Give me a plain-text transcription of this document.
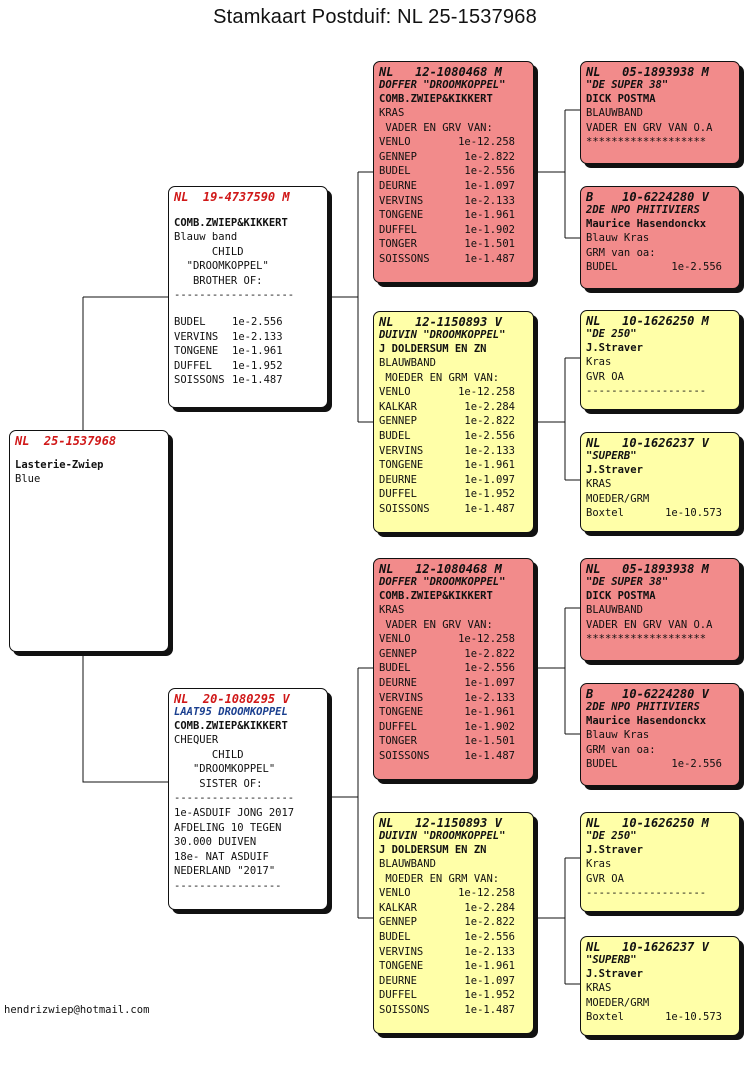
Stamkaart Postduif: NL 25-1537968
NL  25-1537968
Lasterie-Zwiep
Blue
NL  19-4737590 M
COMB.ZWIEP&KIKKERT
Blauw band
CHILD
"DROOMKOPPEL"
BROTHER OF:
-------------------
BUDEL	1e-2.556
VERVINS	1e-2.133
TONGENE	1e-1.961
DUFFEL	1e-1.952
SOISSONS 1e-1.487
NL  20-1080295 V
LAAT95 DROOMKOPPEL
COMB.ZWIEP&KIKKERT
CHEQUER
CHILD
"DROOMKOPPEL"
SISTER OF:
-------------------
1e-ASDUIF JONG 2017
AFDELING 10 TEGEN
30.000 DUIVEN
18e- NAT ASDUIF
NEDERLAND "2017"
-----------------
NL   12-1080468 M
DOFFER "DROOMKOPPEL"
COMB.ZWIEP&KIKKERT
KRAS
VADER EN GRV VAN:
VENLO	1e-12.258
GENNEP	1e-2.822
BUDEL	1e-2.556
DEURNE	1e-1.097
VERVINS	1e-2.133
TONGENE	1e-1.961
DUFFEL	1e-1.902
TONGER	1e-1.501
SOISSONS	1e-1.487
NL   12-1150893 V
DUIVIN "DROOMKOPPEL"
J DOLDERSUM EN ZN
BLAUWBAND
MOEDER EN GRM VAN:
VENLO	1e-12.258
KALKAR	1e-2.284
GENNEP	1e-2.822
BUDEL	1e-2.556
VERVINS	1e-2.133
TONGENE	1e-1.961
DEURNE	1e-1.097
DUFFEL	1e-1.952
SOISSONS	1e-1.487
NL   12-1080468 M
DOFFER "DROOMKOPPEL"
COMB.ZWIEP&KIKKERT
KRAS
VADER EN GRV VAN:
VENLO	1e-12.258
GENNEP	1e-2.822
BUDEL	1e-2.556
DEURNE	1e-1.097
VERVINS	1e-2.133
TONGENE	1e-1.961
DUFFEL	1e-1.902
TONGER	1e-1.501
SOISSONS	1e-1.487
NL   12-1150893 V
DUIVIN "DROOMKOPPEL"
J DOLDERSUM EN ZN
BLAUWBAND
MOEDER EN GRM VAN:
VENLO	1e-12.258
KALKAR	1e-2.284
GENNEP	1e-2.822
BUDEL	1e-2.556
VERVINS	1e-2.133
TONGENE	1e-1.961
DEURNE	1e-1.097
DUFFEL	1e-1.952
SOISSONS	1e-1.487
NL   05-1893938 M
"DE SUPER 38"
DICK POSTMA
BLAUWBAND
VADER EN GRV VAN O.A
*******************
B    10-6224280 V
2DE NPO PHITIVIERS
Maurice Hasendonckx
Blauw Kras
GRM van oa:
BUDEL	1e-2.556
NL   10-1626250 M
"DE 250"
J.Straver
Kras
GVR OA
-------------------
NL   10-1626237 V
"SUPERB"
J.Straver
KRAS
MOEDER/GRM
Boxtel	1e-10.573
NL   05-1893938 M
"DE SUPER 38"
DICK POSTMA
BLAUWBAND
VADER EN GRV VAN O.A
*******************
B    10-6224280 V
2DE NPO PHITIVIERS
Maurice Hasendonckx
Blauw Kras
GRM van oa:
BUDEL	1e-2.556
NL   10-1626250 M
"DE 250"
J.Straver
Kras
GVR OA
-------------------
NL   10-1626237 V
"SUPERB"
J.Straver
KRAS
MOEDER/GRM
Boxtel	1e-10.573
hendrizwiep@hotmail.com
